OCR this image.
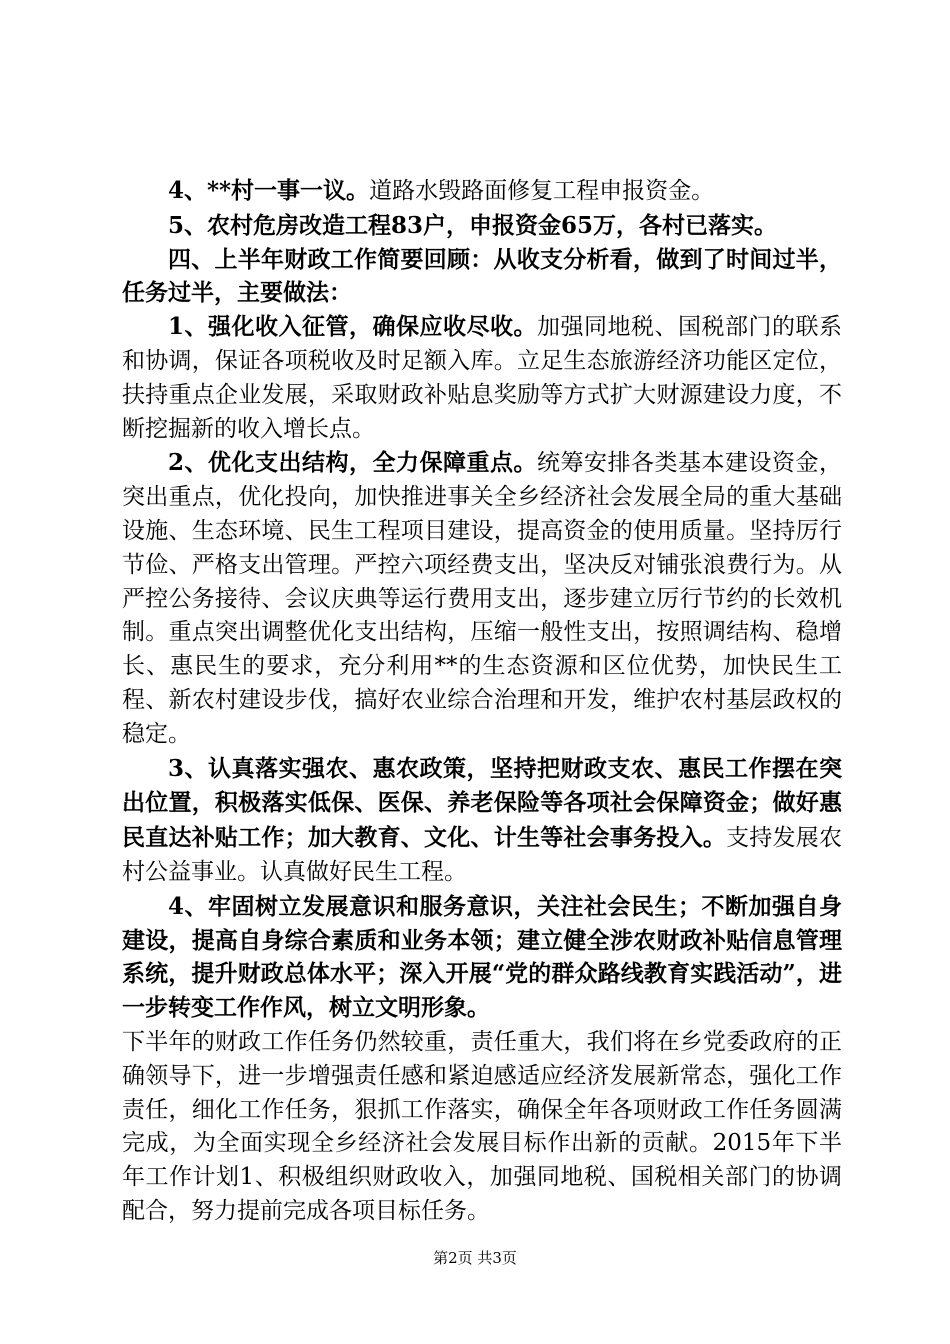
4、**村一事一议。道路水毁路面修复工程申报资金。

5、农村危房改造工程83户，申报资金65万，各村已落实。

四、上半年财政工作简要回顾：从收支分析看，做到了时间过半，任务过半，主要做法：

1、强化收入征管，确保应收尽收。加强同地税、国税部门的联系和协调，保证各项税收及时足额入库。立足生态旅游经济功能区定位，扶持重点企业发展，采取财政补贴息奖励等方式扩大财源建设力度，不断挖掘新的收入增长点。

2、优化支出结构，全力保障重点。统筹安排各类基本建设资金，突出重点，优化投向，加快推进事关全乡经济社会发展全局的重大基础设施、生态环境、民生工程项目建设，提高资金的使用质量。坚持厉行节俭、严格支出管理。严控六项经费支出，坚决反对铺张浪费行为。从严控公务接待、会议庆典等运行费用支出，逐步建立厉行节约的长效机制。重点突出调整优化支出结构，压缩一般性支出，按照调结构、稳增长、惠民生的要求，充分利用**的生态资源和区位优势，加快民生工程、新农村建设步伐，搞好农业综合治理和开发，维护农村基层政权的稳定。

3、认真落实强农、惠农政策，坚持把财政支农、惠民工作摆在突出位置，积极落实低保、医保、养老保险等各项社会保障资金；做好惠民直达补贴工作；加大教育、文化、计生等社会事务投入。支持发展农村公益事业。认真做好民生工程。

4、牢固树立发展意识和服务意识，关注社会民生；不断加强自身建设，提高自身综合素质和业务本领；建立健全涉农财政补贴信息管理系统，提升财政总体水平；深入开展“党的群众路线教育实践活动”，进一步转变工作作风，树立文明形象。

下半年的财政工作任务仍然较重，责任重大，我们将在乡党委政府的正确领导下，进一步增强责任感和紧迫感适应经济发展新常态，强化工作责任，细化工作任务，狠抓工作落实，确保全年各项财政工作任务圆满完成，为全面实现全乡经济社会发展目标作出新的贡献。2015年下半年工作计划1、积极组织财政收入，加强同地税、国税相关部门的协调配合，努力提前完成各项目标任务。

第2页 共3页
